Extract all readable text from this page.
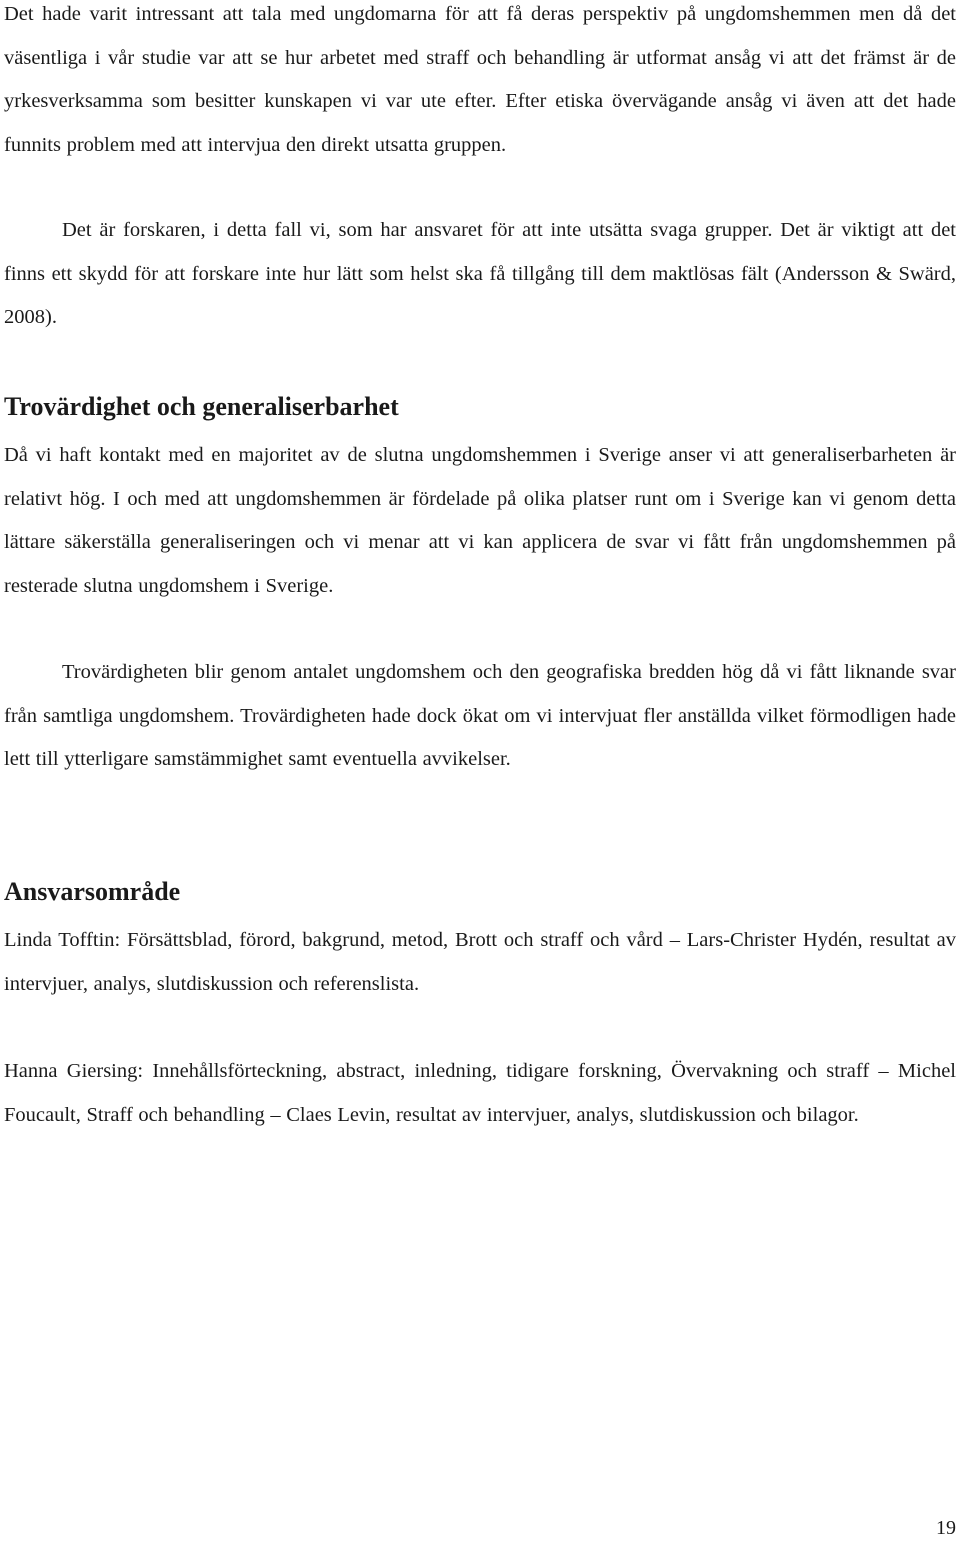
Det hade varit intressant att tala med ungdomarna för att få deras perspektiv på ungdomshemmen men då det väsentliga i vår studie var att se hur arbetet med straff och behandling är utformat ansåg vi att det främst är de yrkesverksamma som besitter kunskapen vi var ute efter. Efter etiska övervägande ansåg vi även att det hade funnits problem med att intervjua den direkt utsatta gruppen.

Det är forskaren, i detta fall vi, som har ansvaret för att inte utsätta svaga grupper. Det är viktigt att det finns ett skydd för att forskare inte hur lätt som helst ska få tillgång till dem maktlösas fält (Andersson & Swärd, 2008).

Trovärdighet och generaliserbarhet

Då vi haft kontakt med en majoritet av de slutna ungdomshemmen i Sverige anser vi att generaliserbarheten är relativt hög. I och med att ungdomshemmen är fördelade på olika platser runt om i Sverige kan vi genom detta lättare säkerställa generaliseringen och vi menar att vi kan applicera de svar vi fått från ungdomshemmen på resterade slutna ungdomshem i Sverige.

Trovärdigheten blir genom antalet ungdomshem och den geografiska bredden hög då vi fått liknande svar från samtliga ungdomshem. Trovärdigheten hade dock ökat om vi intervjuat fler anställda vilket förmodligen hade lett till ytterligare samstämmighet samt eventuella avvikelser.

Ansvarsområde

Linda Tofftin: Försättsblad, förord, bakgrund, metod, Brott och straff och vård – Lars-Christer Hydén, resultat av intervjuer, analys, slutdiskussion och referenslista.

Hanna Giersing: Innehållsförteckning, abstract, inledning, tidigare forskning, Övervakning och straff – Michel Foucault, Straff och behandling – Claes Levin, resultat av intervjuer, analys, slutdiskussion och bilagor.

19
